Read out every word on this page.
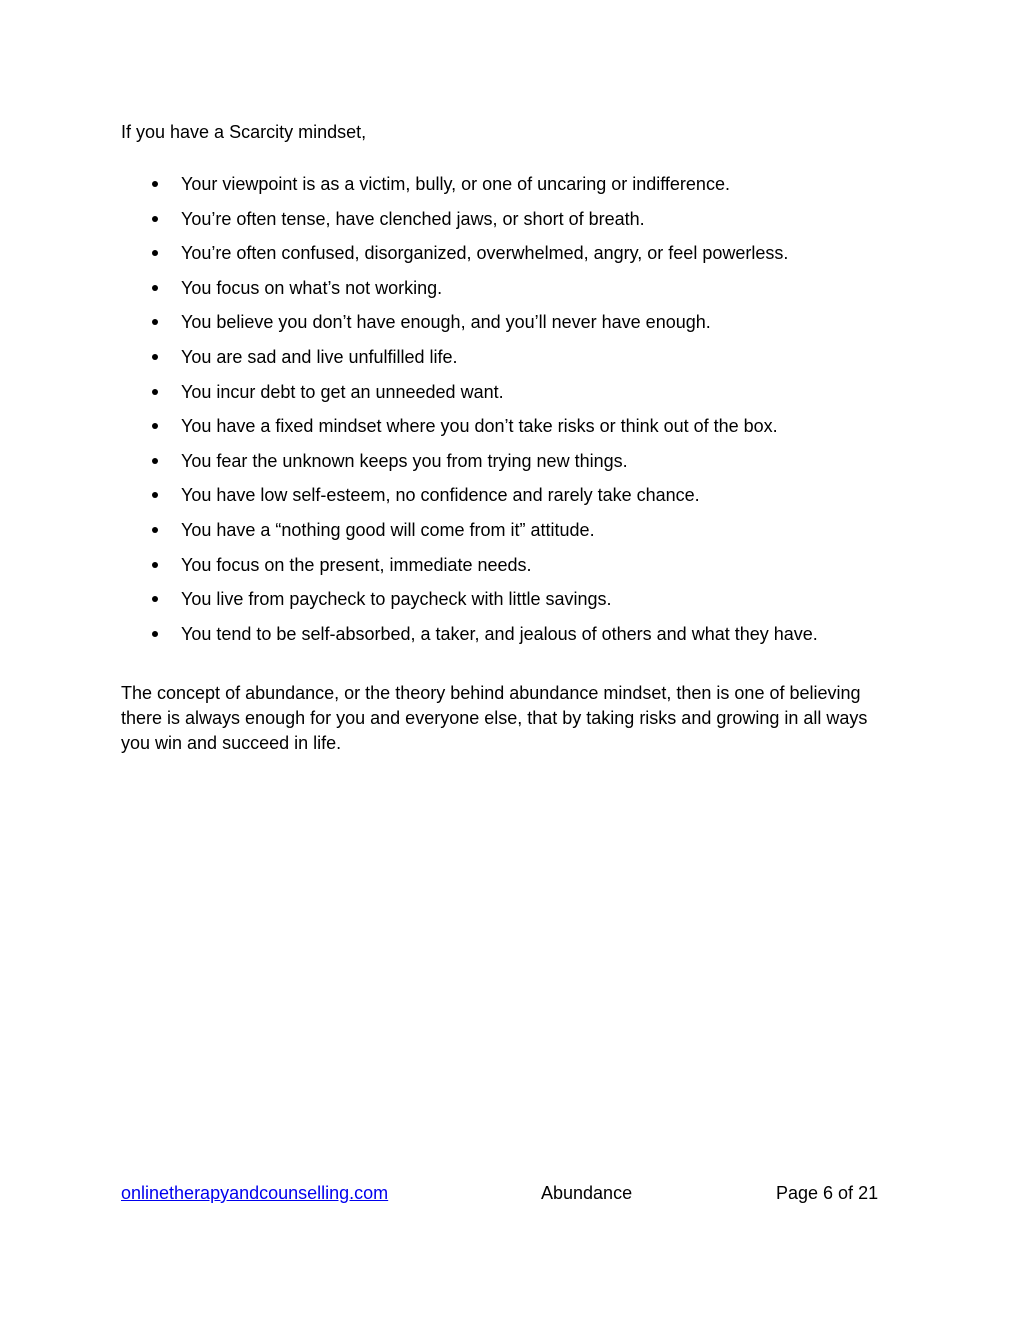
If you have a Scarcity mindset,

Your viewpoint is as a victim, bully, or one of uncaring or indifference.
You’re often tense, have clenched jaws, or short of breath.
You’re often confused, disorganized, overwhelmed, angry, or feel powerless.
You focus on what’s not working.
You believe you don’t have enough, and you’ll never have enough.
You are sad and live unfulfilled life.
You incur debt to get an unneeded want.
You have a fixed mindset where you don’t take risks or think out of the box.
You fear the unknown keeps you from trying new things.
You have low self-esteem, no confidence and rarely take chance.
You have a “nothing good will come from it” attitude.
You focus on the present, immediate needs.
You live from paycheck to paycheck with little savings.
You tend to be self-absorbed, a taker, and jealous of others and what they have.

The concept of abundance, or the theory behind abundance mindset, then is one of believing there is always enough for you and everyone else, that by taking risks and growing in all ways you win and succeed in life.

onlinetherapyandcounselling.com	Abundance	Page 6 of 21
